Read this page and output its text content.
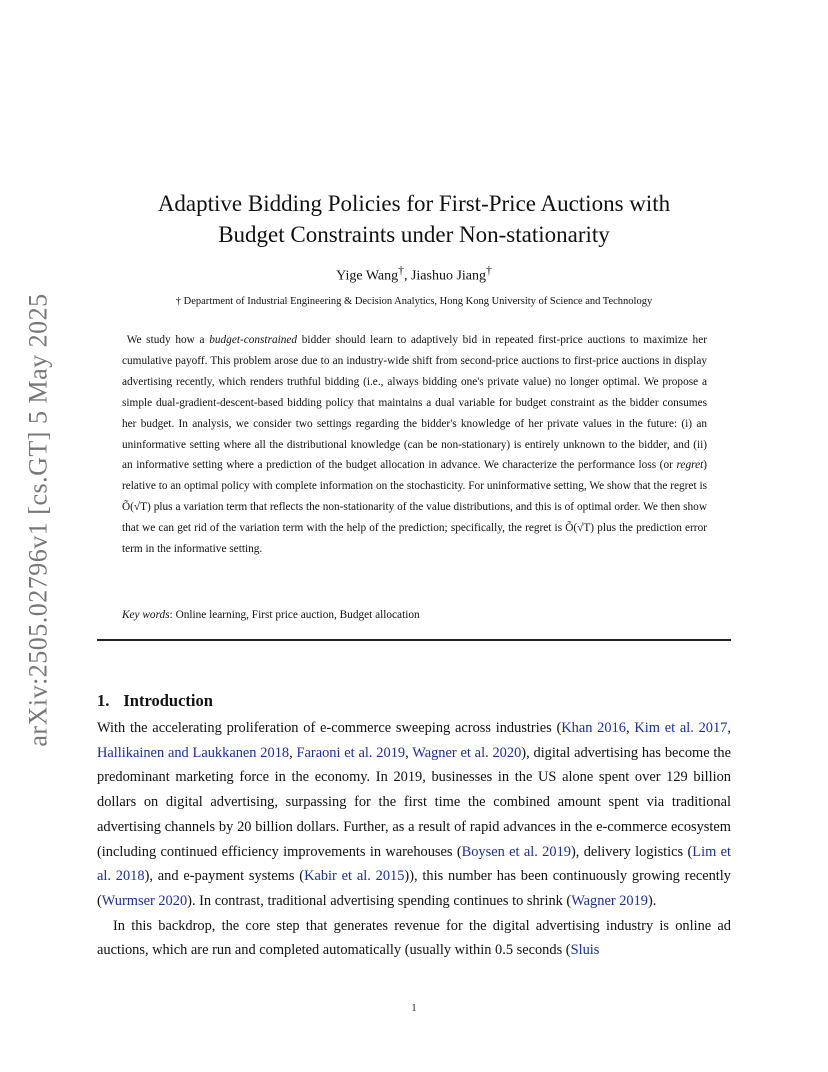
arXiv:2505.02796v1 [cs.GT] 5 May 2025
Adaptive Bidding Policies for First-Price Auctions with
Budget Constraints under Non-stationarity
Yige Wang†, Jiashuo Jiang†
† Department of Industrial Engineering & Decision Analytics, Hong Kong University of Science and Technology
We study how a budget-constrained bidder should learn to adaptively bid in repeated first-price auctions to maximize her cumulative payoff. This problem arose due to an industry-wide shift from second-price auctions to first-price auctions in display advertising recently, which renders truthful bidding (i.e., always bidding one's private value) no longer optimal. We propose a simple dual-gradient-descent-based bidding policy that maintains a dual variable for budget constraint as the bidder consumes her budget. In analysis, we consider two settings regarding the bidder's knowledge of her private values in the future: (i) an uninformative setting where all the distributional knowledge (can be non-stationary) is entirely unknown to the bidder, and (ii) an informative setting where a prediction of the budget allocation in advance. We characterize the performance loss (or regret) relative to an optimal policy with complete information on the stochasticity. For uninformative setting, We show that the regret is Õ(√T) plus a variation term that reflects the non-stationarity of the value distributions, and this is of optimal order. We then show that we can get rid of the variation term with the help of the prediction; specifically, the regret is Õ(√T) plus the prediction error term in the informative setting.
Key words: Online learning, First price auction, Budget allocation
1. Introduction

With the accelerating proliferation of e-commerce sweeping across industries (Khan 2016, Kim et al. 2017, Hallikainen and Laukkanen 2018, Faraoni et al. 2019, Wagner et al. 2020), digital advertising has become the predominant marketing force in the economy. In 2019, businesses in the US alone spent over 129 billion dollars on digital advertising, surpassing for the first time the combined amount spent via traditional advertising channels by 20 billion dollars. Further, as a result of rapid advances in the e-commerce ecosystem (including continued efficiency improvements in warehouses (Boysen et al. 2019), delivery logistics (Lim et al. 2018), and e-payment systems (Kabir et al. 2015)), this number has been continuously growing recently (Wurmser 2020). In contrast, traditional advertising spending continues to shrink (Wagner 2019).

In this backdrop, the core step that generates revenue for the digital advertising industry is online ad auctions, which are run and completed automatically (usually within 0.5 seconds (Sluis

1
